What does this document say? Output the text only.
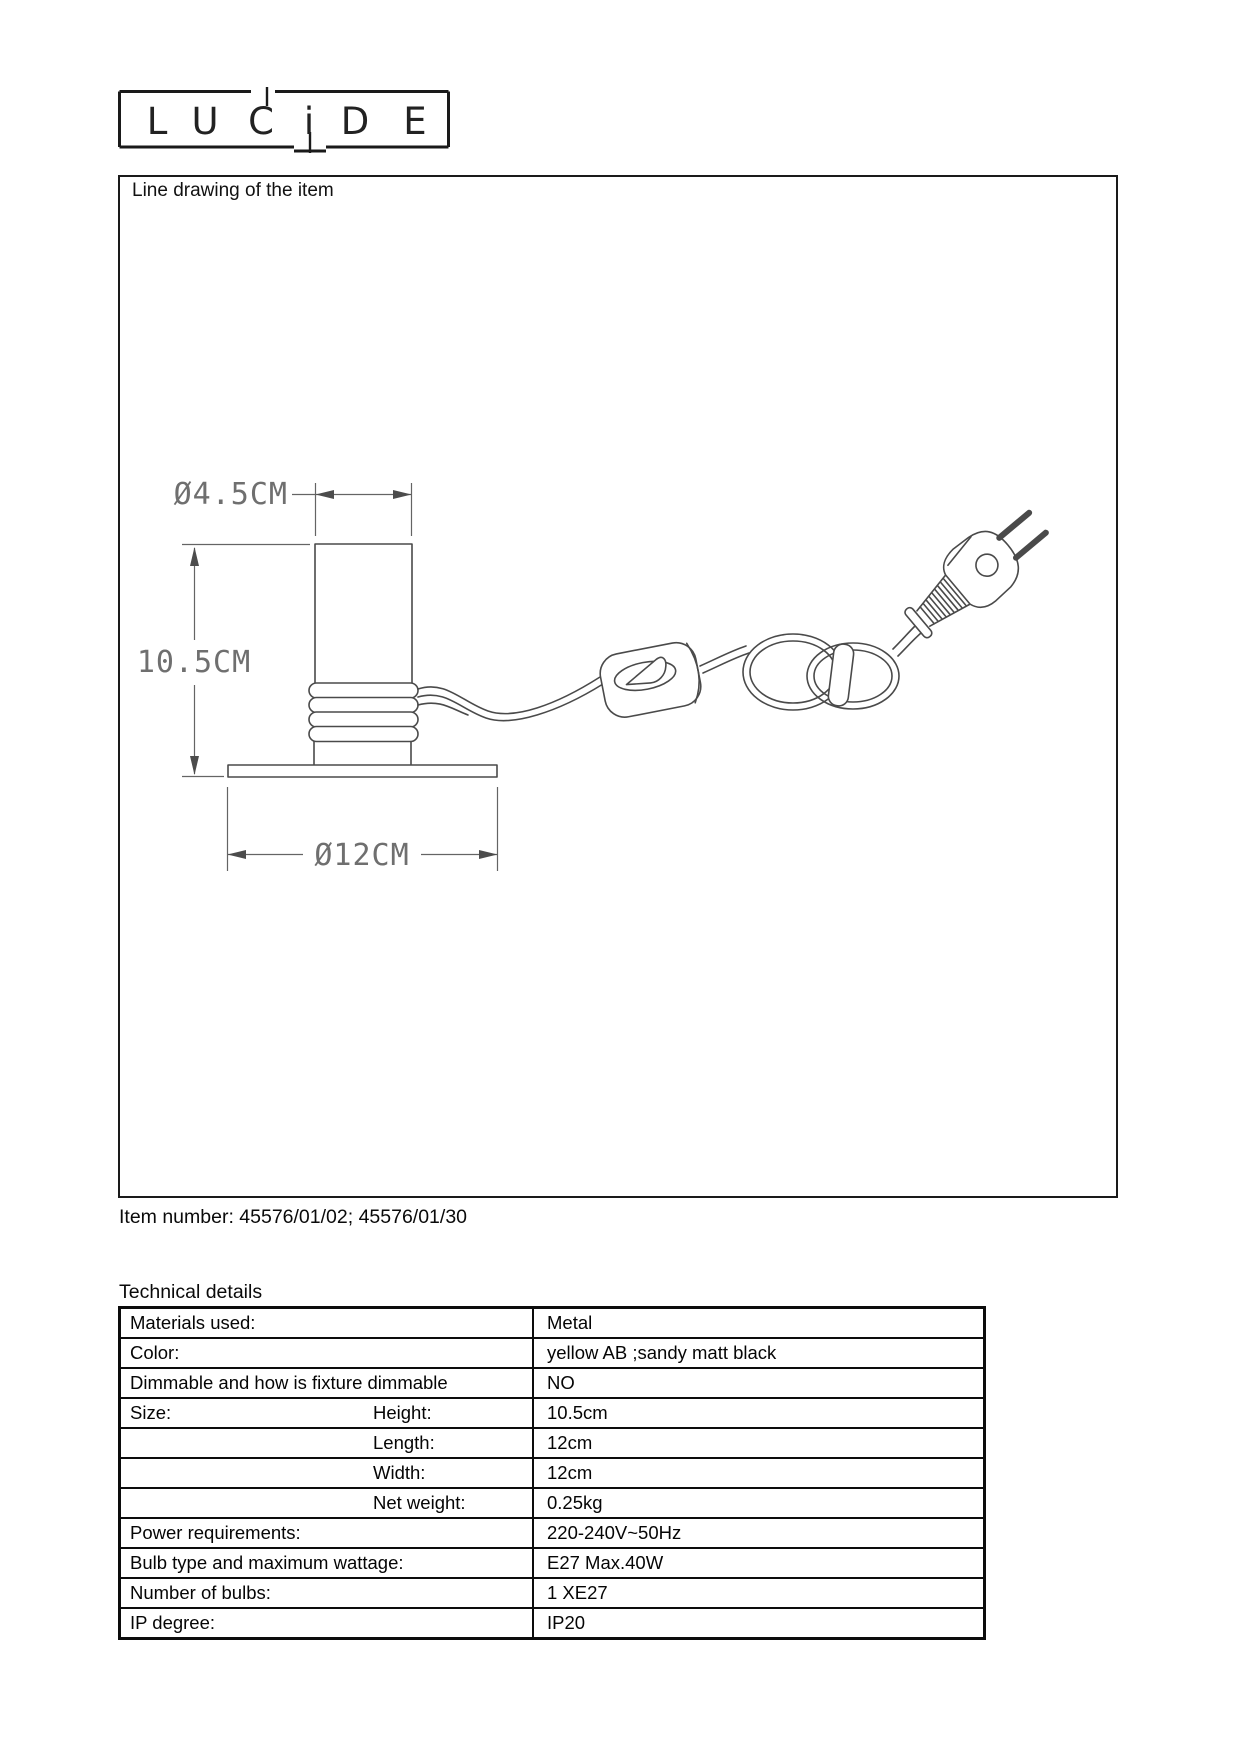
L U C i D E
Line drawing of the item
Ø4.5CM
10.5CM
Ø12CM
Item number: 45576/01/02; 45576/01/30
Technical details
Materials used:	Metal
Color:	yellow AB ;sandy matt black
Dimmable and how is fixture dimmable	NO
Size: Height:	10.5cm

Length:	12cm

Width:	12cm

Net weight:	0.25kg
Power requirements:	220-240V~50Hz
Bulb type and maximum wattage:	E27 Max.40W
Number of bulbs:	1 XE27
IP degree:	IP20
